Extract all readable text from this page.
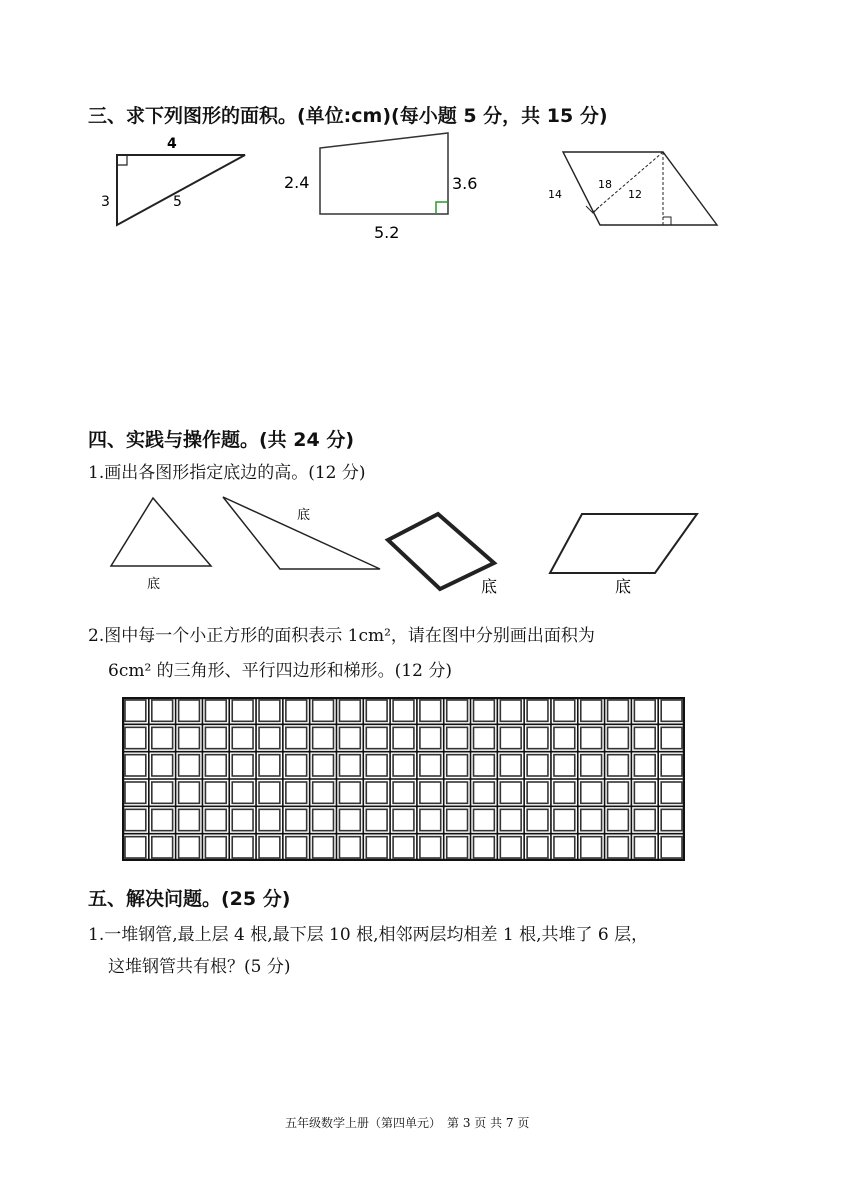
三、求下列图形的面积。(单位:cm)(每小题 5 分，共 15 分)
4
3	5
2.4	3.6
5.2
14
18
12
四、实践与操作题。(共 24 分)
1.画出各图形指定底边的高。(12 分)
底
底
底	底
2.图中每一个小正方形的面积表示 1cm²，请在图中分别画出面积为
6cm² 的三角形、平行四边形和梯形。(12 分)
五、解决问题。(25 分)
1.一堆钢管,最上层 4 根,最下层 10 根,相邻两层均相差 1 根,共堆了 6 层，
这堆钢管共有根？(5 分)
五年级数学上册（第四单元）　第 3 页 共 7 页
